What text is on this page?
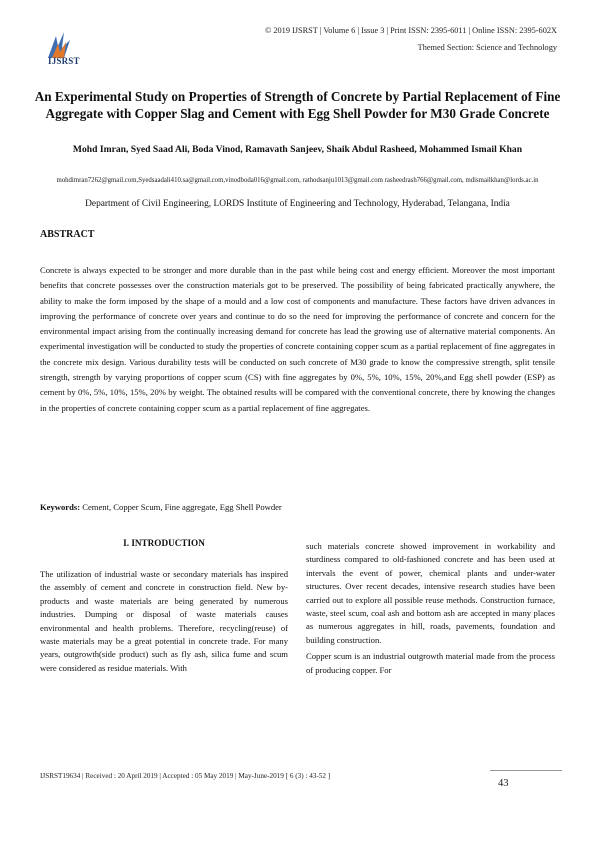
IJSRST
© 2019 IJSRST | Volume 6 | Issue 3 | Print ISSN: 2395-6011 | Online ISSN: 2395-602X
Themed Section: Science and Technology
An Experimental Study on Properties of Strength of Concrete by Partial Replacement of Fine Aggregate with Copper Slag and Cement with Egg Shell Powder for M30 Grade Concrete
Mohd Imran, Syed Saad Ali, Boda Vinod, Ramavath Sanjeev, Shaik Abdul Rasheed, Mohammed Ismail Khan
mohdimran7262@gmail.com,Syedsaadali410.sa@gmail.com,vinodboda016@gmail.com, rathodsanju1013@gmail.com rasheedrash766@gmail.com, mdismailkhan@lords.ac.in
Department of Civil Engineering, LORDS Institute of Engineering and Technology, Hyderabad, Telangana, India
ABSTRACT
Concrete is always expected to be stronger and more durable than in the past while being cost and energy efficient. Moreover the most important benefits that concrete possesses over the construction materials got to be preserved. The possibility of being fabricated practically anywhere, the ability to make the form imposed by the shape of a mould and a low cost of components and manufacture. These factors have driven advances in improving the performance of concrete over years and continue to do so the need for improving the performance of concrete and concern for the environmental impact arising from the continually increasing demand for concrete has lead the growing use of alternative material components. An experimental investigation will be conducted to study the properties of concrete containing copper scum as a partial replacement of fine aggregates in the concrete mix design. Various durability tests will be conducted on such concrete of M30 grade to know the compressive strength, split tensile strength, strength by varying proportions of copper scum (CS) with fine aggregates by 0%, 5%, 10%, 15%, 20%,and Egg shell powder (ESP) as cement by 0%, 5%, 10%, 15%, 20% by weight. The obtained results will be compared with the conventional concrete, there by knowing the changes in the properties of concrete containing copper scum as a partial replacement of fine aggregates.
Keywords: Cement, Copper Scum, Fine aggregate, Egg Shell Powder
I. INTRODUCTION

The utilization of industrial waste or secondary materials has inspired the assembly of cement and concrete in construction field. New by-products and waste materials are being generated by numerous industries. Dumping or disposal of waste materials causes environmental and health problems. Therefore, recycling(reuse) of waste materials may be a great potential in concrete trade. For many years, outgrowth(side product) such as fly ash, silica fume and scum were considered as residue materials. With

such materials concrete showed improvement in workability and sturdiness compared to old-fashioned concrete and has been used at intervals the event of power, chemical plants and under-water structures. Over recent decades, intensive research studies have been carried out to explore all possible reuse methods. Construction furnace, waste, steel scum, coal ash and bottom ash are accepted in many places as numerous aggregates in hill, roads, pavements, foundation and building construction.

Copper scum is an industrial outgrowth material made from the process of producing copper. For

IJSRST19634 | Received : 20 April 2019 | Accepted : 05 May 2019 | May-June-2019 [ 6 (3) : 43-52 ]
43
